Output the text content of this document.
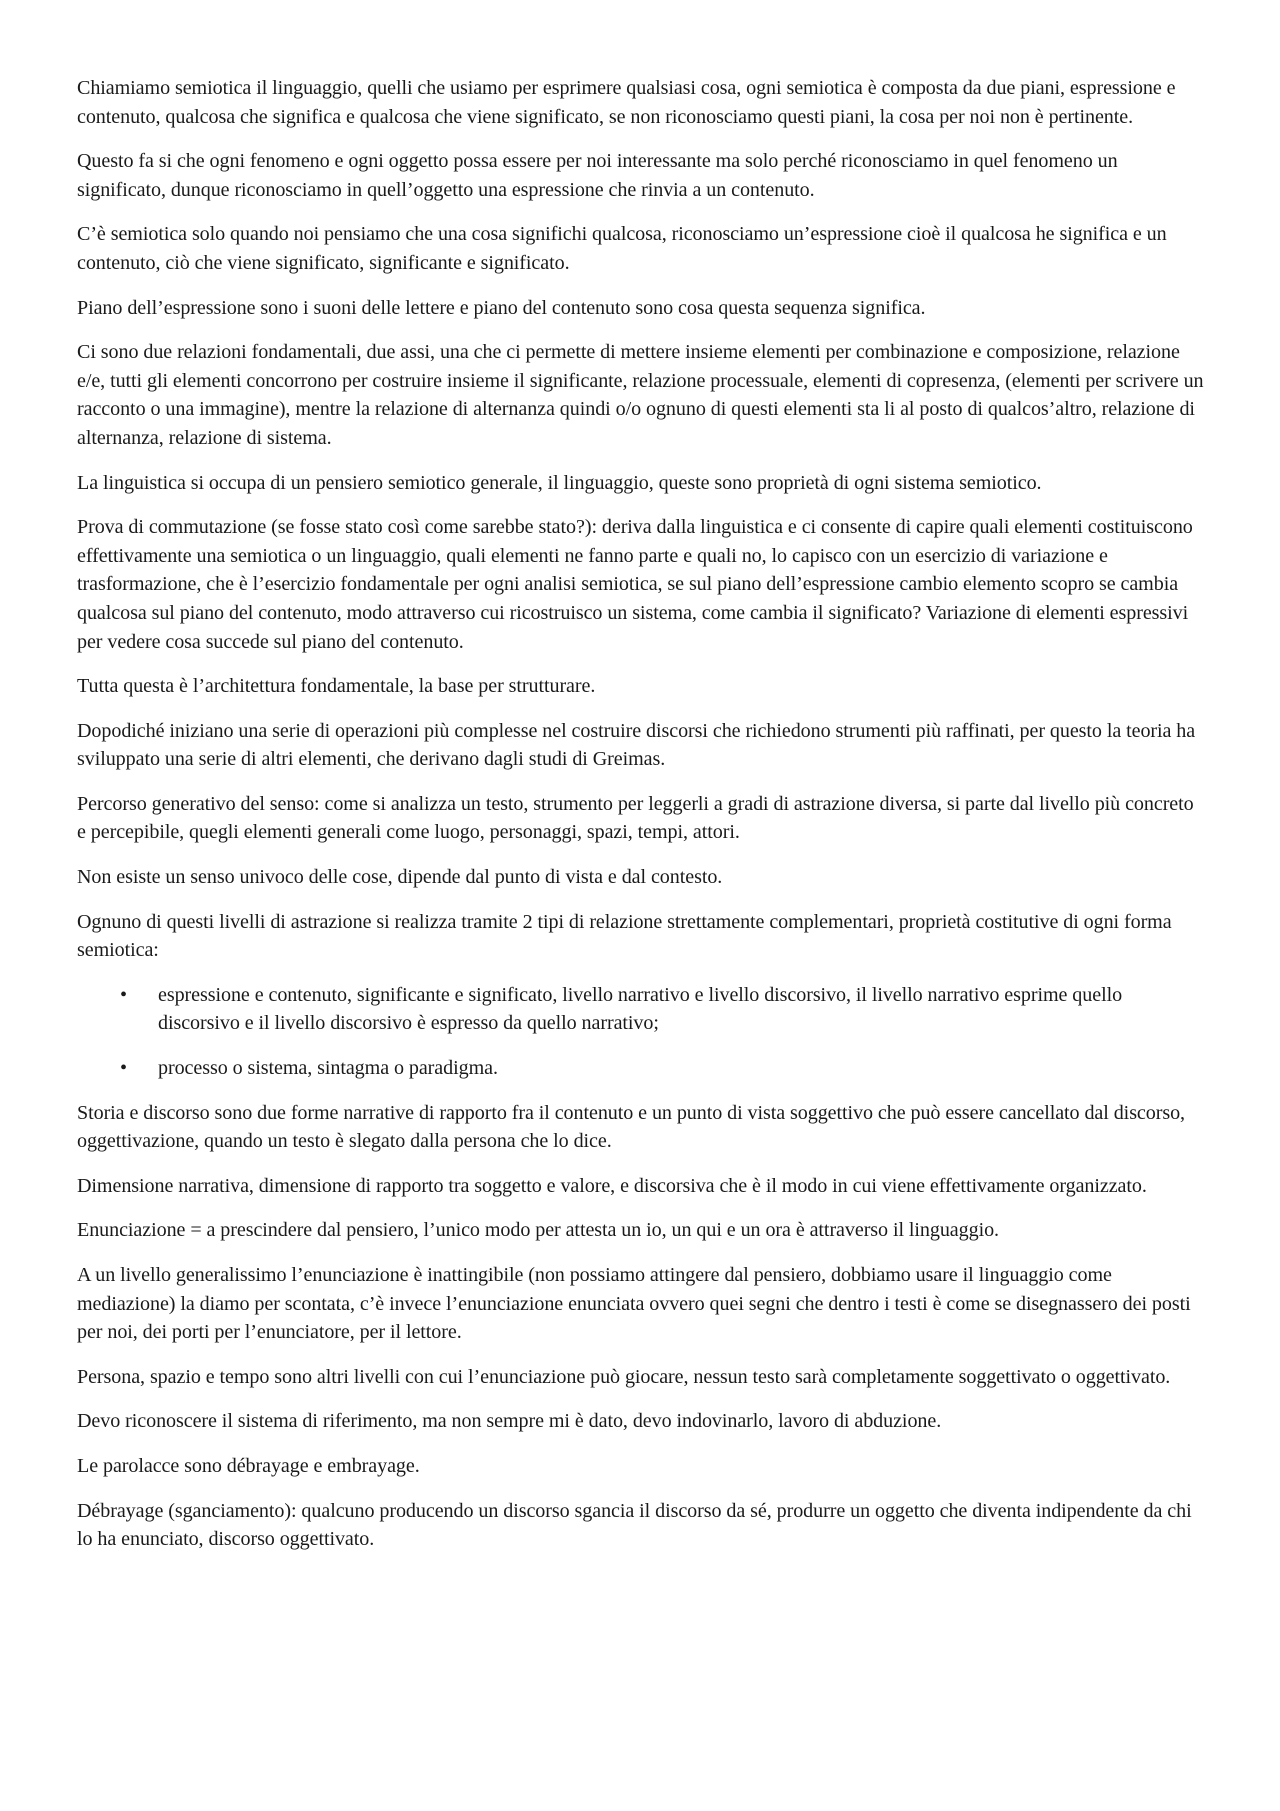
Chiamiamo semiotica il linguaggio, quelli che usiamo per esprimere qualsiasi cosa, ogni semiotica è composta da due piani, espressione e contenuto, qualcosa che significa e qualcosa che viene significato, se non riconosciamo questi piani, la cosa per noi non è pertinente.

Questo fa si che ogni fenomeno e ogni oggetto possa essere per noi interessante ma solo perché riconosciamo in quel fenomeno un significato, dunque riconosciamo in quell’oggetto una espressione che rinvia a un contenuto.

C’è semiotica solo quando noi pensiamo che una cosa significhi qualcosa, riconosciamo un’espressione cioè il qualcosa he significa e un contenuto, ciò che viene significato, significante e significato.

Piano dell’espressione sono i suoni delle lettere e piano del contenuto sono cosa questa sequenza significa.

Ci sono due relazioni fondamentali, due assi, una che ci permette di mettere insieme elementi per combinazione e composizione, relazione e/e, tutti gli elementi concorrono per costruire insieme il significante, relazione processuale, elementi di copresenza, (elementi per scrivere un racconto o una immagine), mentre la relazione di alternanza quindi o/o ognuno di questi elementi sta li al posto di qualcos’altro, relazione di alternanza, relazione di sistema.

La linguistica si occupa di un pensiero semiotico generale, il linguaggio, queste sono proprietà di ogni sistema semiotico.

Prova di commutazione (se fosse stato così come sarebbe stato?): deriva dalla linguistica e ci consente di capire quali elementi costituiscono effettivamente una semiotica o un linguaggio, quali elementi ne fanno parte e quali no, lo capisco con un esercizio di variazione e trasformazione, che è l’esercizio fondamentale per ogni analisi semiotica, se sul piano dell’espressione cambio elemento scopro se cambia qualcosa sul piano del contenuto, modo attraverso cui ricostruisco un sistema, come cambia il significato? Variazione di elementi espressivi per vedere cosa succede sul piano del contenuto.

Tutta questa è l’architettura fondamentale, la base per strutturare.

Dopodiché iniziano una serie di operazioni più complesse nel costruire discorsi che richiedono strumenti più raffinati, per questo la teoria ha sviluppato una serie di altri elementi, che derivano dagli studi di Greimas.

Percorso generativo del senso: come si analizza un testo, strumento per leggerli a gradi di astrazione diversa, si parte dal livello più concreto e percepibile, quegli elementi generali come luogo, personaggi, spazi, tempi, attori.

Non esiste un senso univoco delle cose, dipende dal punto di vista e dal contesto.

Ognuno di questi livelli di astrazione si realizza tramite 2 tipi di relazione strettamente complementari, proprietà costitutive di ogni forma semiotica:

• espressione e contenuto, significante e significato, livello narrativo e livello discorsivo, il livello narrativo esprime quello discorsivo e il livello discorsivo è espresso da quello narrativo;
• processo o sistema, sintagma o paradigma.

Storia e discorso sono due forme narrative di rapporto fra il contenuto e un punto di vista soggettivo che può essere cancellato dal discorso, oggettivazione, quando un testo è slegato dalla persona che lo dice.

Dimensione narrativa, dimensione di rapporto tra soggetto e valore, e discorsiva che è il modo in cui viene effettivamente organizzato.

Enunciazione = a prescindere dal pensiero, l’unico modo per attesta un io, un qui e un ora è attraverso il linguaggio.

A un livello generalissimo l’enunciazione è inattingibile (non possiamo attingere dal pensiero, dobbiamo usare il linguaggio come mediazione) la diamo per scontata, c’è invece l’enunciazione enunciata ovvero quei segni che dentro i testi è come se disegnassero dei posti per noi, dei porti per l’enunciatore, per il lettore.

Persona, spazio e tempo sono altri livelli con cui l’enunciazione può giocare, nessun testo sarà completamente soggettivato o oggettivato.

Devo riconoscere il sistema di riferimento, ma non sempre mi è dato, devo indovinarlo, lavoro di abduzione.

Le parolacce sono débrayage e embrayage.

Débrayage (sganciamento): qualcuno producendo un discorso sgancia il discorso da sé, produrre un oggetto che diventa indipendente da chi lo ha enunciato, discorso oggettivato.
